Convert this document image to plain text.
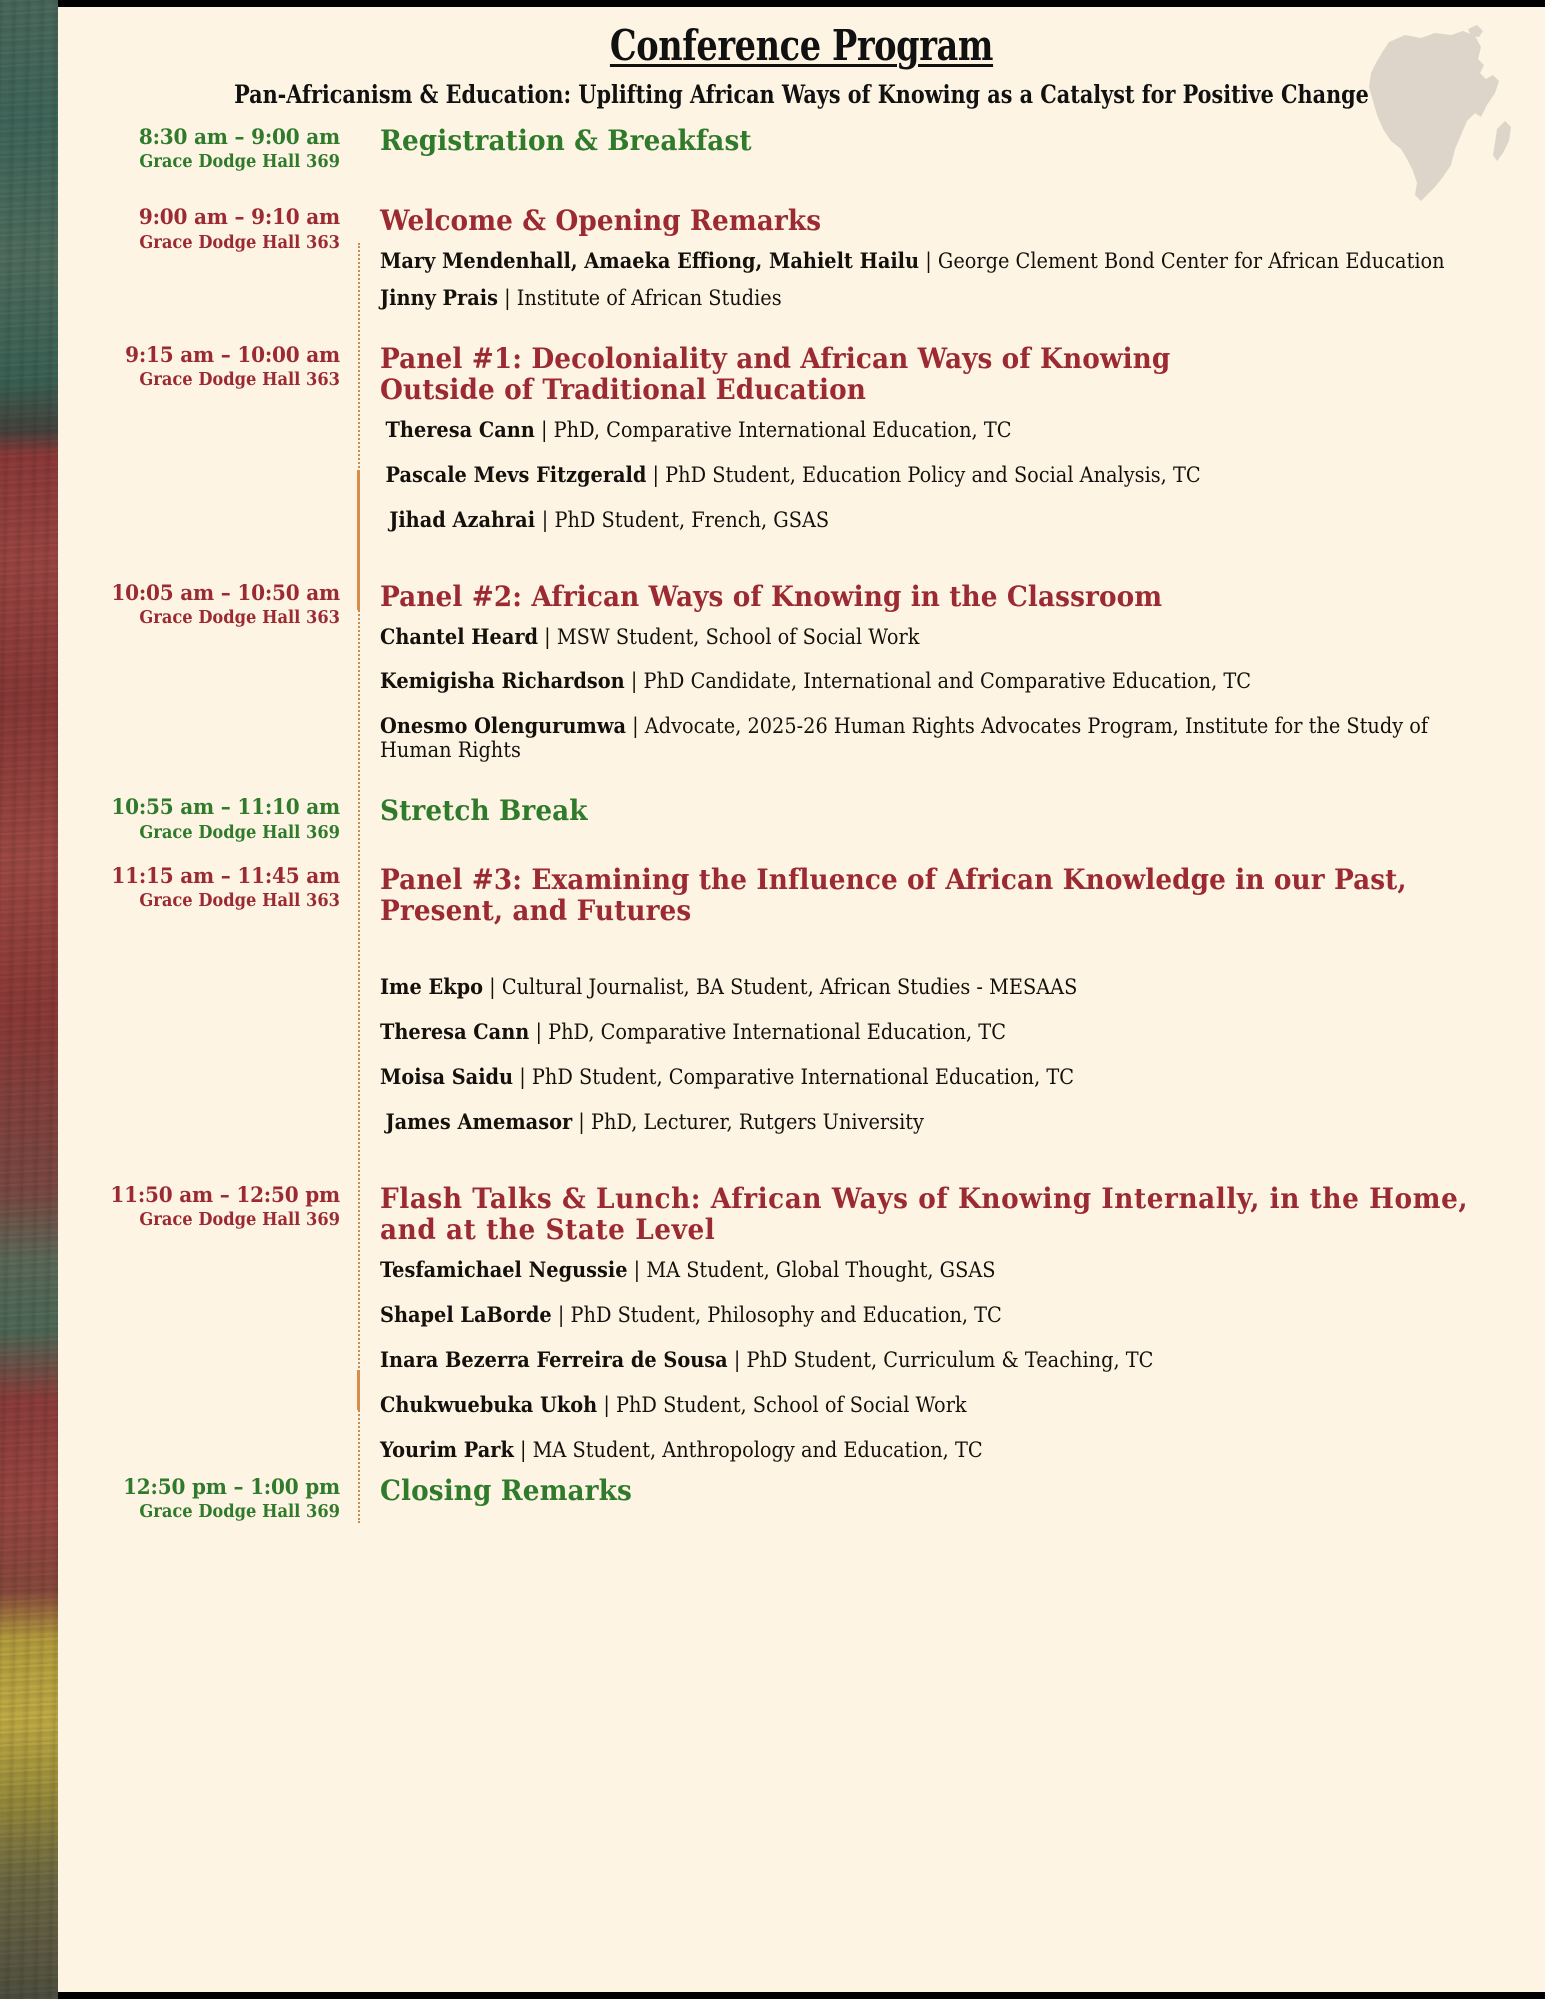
Conference Program
Pan-Africanism & Education: Uplifting African Ways of Knowing as a Catalyst for Positive Change
8:30 am – 9:00 am
Grace Dodge Hall 369
Registration & Breakfast
9:00 am – 9:10 am
Grace Dodge Hall 363
Welcome & Opening Remarks

Mary Mendenhall, Amaeka Effiong, Mahielt Hailu | George Clement Bond Center for African Education

Jinny Prais | Institute of African Studies

9:15 am – 10:00 am
Grace Dodge Hall 363
Panel #1: Decoloniality and African Ways of Knowing Outside of Traditional Education

Theresa Cann | PhD, Comparative International Education, TC

Pascale Mevs Fitzgerald | PhD Student, Education Policy and Social Analysis, TC

Jihad Azahrai | PhD Student, French, GSAS

10:05 am – 10:50 am
Grace Dodge Hall 363
Panel #2: African Ways of Knowing in the Classroom

Chantel Heard | MSW Student, School of Social Work

Kemigisha Richardson | PhD Candidate, International and Comparative Education, TC

Onesmo Olengurumwa | Advocate, 2025-26 Human Rights Advocates Program, Institute for the Study of Human Rights

10:55 am – 11:10 am
Grace Dodge Hall 369
Stretch Break
11:15 am – 11:45 am
Grace Dodge Hall 363
Panel #3: Examining the Influence of African Knowledge in our Past, Present, and Futures

Ime Ekpo | Cultural Journalist, BA Student, African Studies - MESAAS

Theresa Cann | PhD, Comparative International Education, TC

Moisa Saidu | PhD Student, Comparative International Education, TC

James Amemasor | PhD, Lecturer, Rutgers University

11:50 am – 12:50 pm
Grace Dodge Hall 369
Flash Talks & Lunch: African Ways of Knowing Internally, in the Home, and at the State Level

Tesfamichael Negussie | MA Student, Global Thought, GSAS

Shapel LaBorde | PhD Student, Philosophy and Education, TC

Inara Bezerra Ferreira de Sousa | PhD Student, Curriculum & Teaching, TC

Chukwuebuka Ukoh | PhD Student, School of Social Work

Yourim Park | MA Student, Anthropology and Education, TC

12:50 pm – 1:00 pm
Grace Dodge Hall 369
Closing Remarks
